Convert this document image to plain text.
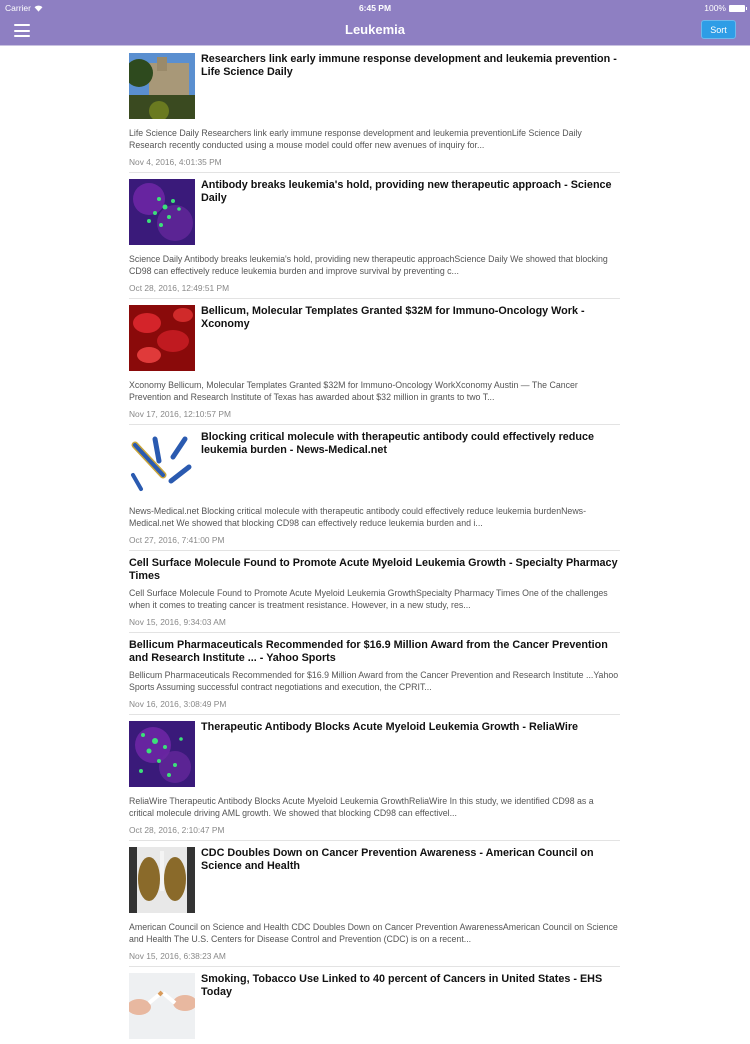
Carrier	6:45 PM	100%
Leukemia	Sort
Researchers link early immune response development and leukemia prevention - Life Science Daily
Life Science Daily Researchers link early immune response development and leukemia preventionLife Science Daily Research recently conducted using a mouse model could offer new avenues of inquiry for...
Nov 4, 2016, 4:01:35 PM
Antibody breaks leukemia's hold, providing new therapeutic approach - Science Daily
Science Daily Antibody breaks leukemia's hold, providing new therapeutic approachScience Daily We showed that blocking CD98 can effectively reduce leukemia burden and improve survival by preventing c...
Oct 28, 2016, 12:49:51 PM
Bellicum, Molecular Templates Granted $32M for Immuno-Oncology Work - Xconomy
Xconomy Bellicum, Molecular Templates Granted $32M for Immuno-Oncology WorkXconomy Austin — The Cancer Prevention and Research Institute of Texas has awarded about $32 million in grants to two T...
Nov 17, 2016, 12:10:57 PM
Blocking critical molecule with therapeutic antibody could effectively reduce leukemia burden - News-Medical.net
News-Medical.net Blocking critical molecule with therapeutic antibody could effectively reduce leukemia burdenNews-Medical.net We showed that blocking CD98 can effectively reduce leukemia burden and i...
Oct 27, 2016, 7:41:00 PM
Cell Surface Molecule Found to Promote Acute Myeloid Leukemia Growth - Specialty Pharmacy Times
Cell Surface Molecule Found to Promote Acute Myeloid Leukemia GrowthSpecialty Pharmacy Times One of the challenges when it comes to treating cancer is treatment resistance. However, in a new study, res...
Nov 15, 2016, 9:34:03 AM
Bellicum Pharmaceuticals Recommended for $16.9 Million Award from the Cancer Prevention and Research Institute ... - Yahoo Sports
Bellicum Pharmaceuticals Recommended for $16.9 Million Award from the Cancer Prevention and Research Institute ...Yahoo Sports Assuming successful contract negotiations and execution, the CPRIT...
Nov 16, 2016, 3:08:49 PM
Therapeutic Antibody Blocks Acute Myeloid Leukemia Growth - ReliaWire
ReliaWire Therapeutic Antibody Blocks Acute Myeloid Leukemia GrowthReliaWire In this study, we identified CD98 as a critical molecule driving AML growth. We showed that blocking CD98 can effectivel...
Oct 28, 2016, 2:10:47 PM
CDC Doubles Down on Cancer Prevention Awareness - American Council on Science and Health
American Council on Science and Health CDC Doubles Down on Cancer Prevention AwarenessAmerican Council on Science and Health The U.S. Centers for Disease Control and Prevention (CDC) is on a recent...
Nov 15, 2016, 6:38:23 AM
Smoking, Tobacco Use Linked to 40 percent of Cancers in United States - EHS Today
